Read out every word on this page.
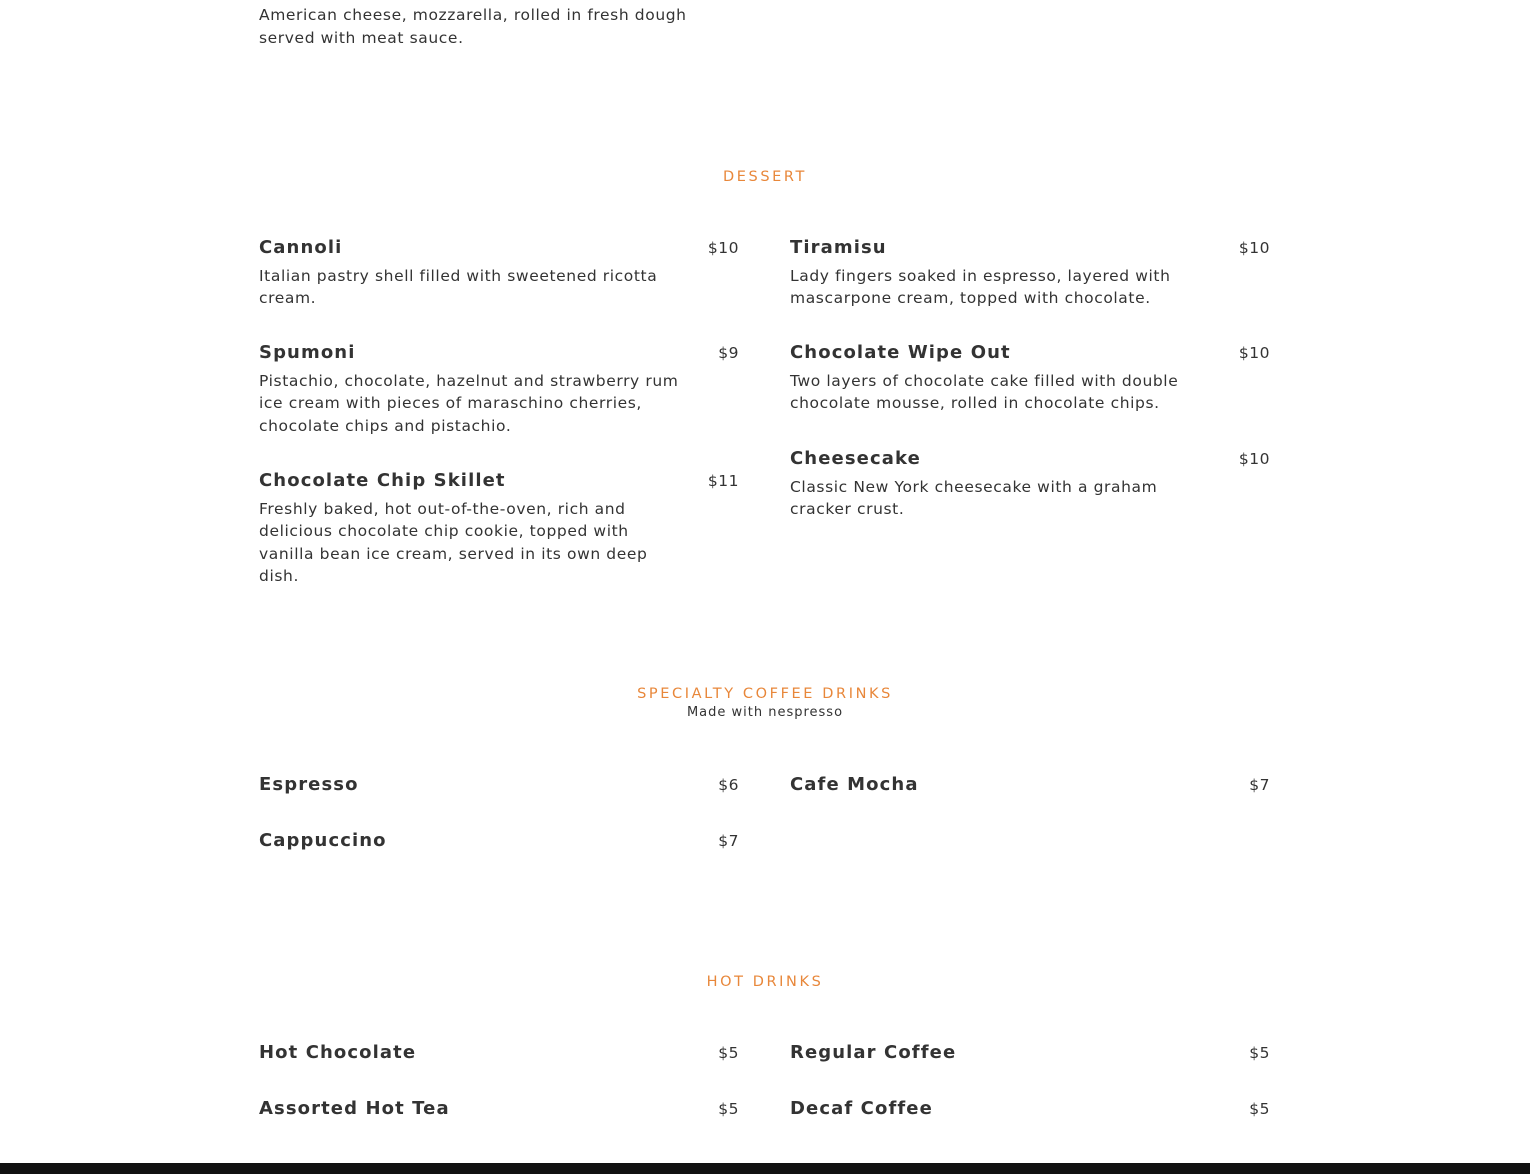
American cheese, mozzarella, rolled in fresh dough
served with meat sauce.
DESSERT
Cannoli	$10
Italian pastry shell filled with sweetened ricotta cream.
Tiramisu	$10
Lady fingers soaked in espresso, layered with mascarpone cream, topped with chocolate.
Spumoni	$9
Pistachio, chocolate, hazelnut and strawberry rum ice cream with pieces of maraschino cherries, chocolate chips and pistachio.
Chocolate Wipe Out	$10
Two layers of chocolate cake filled with double chocolate mousse, rolled in chocolate chips.
Chocolate Chip Skillet	$11
Freshly baked, hot out-of-the-oven, rich and delicious chocolate chip cookie, topped with vanilla bean ice cream, served in its own deep dish.
Cheesecake	$10
Classic New York cheesecake with a graham cracker crust.
SPECIALTY COFFEE DRINKS
Made with nespresso
Espresso	$6	Cafe Mocha	$7
Cappuccino	$7
HOT DRINKS
Hot Chocolate	$5	Regular Coffee	$5
Assorted Hot Tea	$5	Decaf Coffee	$5
